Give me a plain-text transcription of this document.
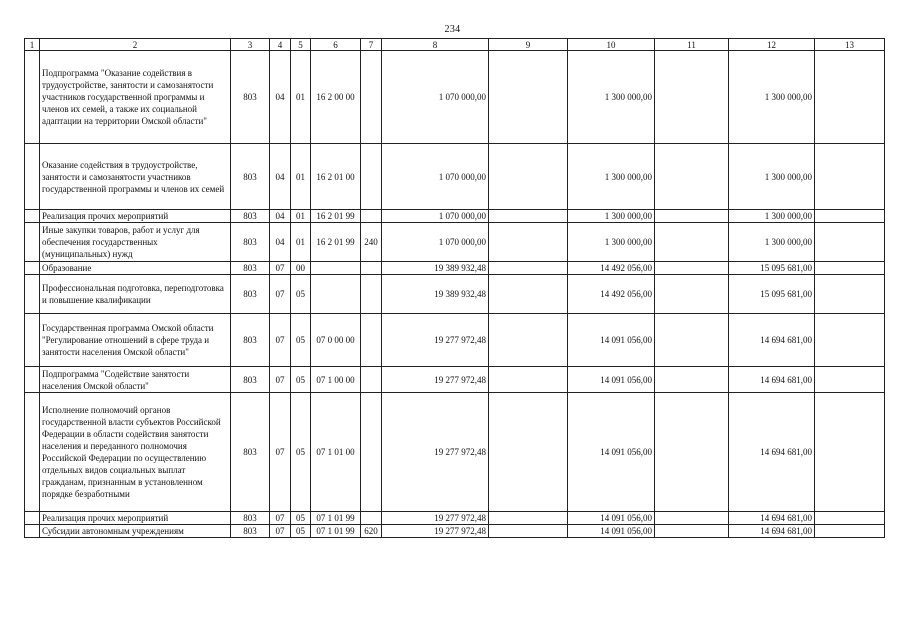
234
1	2	3	4	5	6	7	8	9	10	11	12	13
	Подпрограмма "Оказание содействия в трудоустройстве, занятости и самозанятости участников государственной программы и членов их семей, а также их социальной адаптации на территории Омской области"	803	04	01	16 2 00 00		1 070 000,00		1 300 000,00		1 300 000,00	
	Оказание содействия в трудоустройстве, занятости и самозанятости участников государственной программы и членов их семей	803	04	01	16 2 01 00		1 070 000,00		1 300 000,00		1 300 000,00	
	Реализация прочих мероприятий	803	04	01	16 2 01 99		1 070 000,00		1 300 000,00		1 300 000,00	
	Иные закупки товаров, работ и услуг для обеспечения государственных (муниципальных) нужд	803	04	01	16 2 01 99	240	1 070 000,00		1 300 000,00		1 300 000,00	
	Образование	803	07	00			19 389 932,48		14 492 056,00		15 095 681,00	
	Профессиональная подготовка, переподготовка и повышение квалификации	803	07	05			19 389 932,48		14 492 056,00		15 095 681,00	
	Государственная программа Омской области "Регулирование отношений в сфере труда и занятости населения Омской области"	803	07	05	07 0 00 00		19 277 972,48		14 091 056,00		14 694 681,00	
	Подпрограмма "Содействие занятости населения Омской области"	803	07	05	07 1 00 00		19 277 972,48		14 091 056,00		14 694 681,00	
	Исполнение полномочий органов государственной власти субъектов Российской Федерации в области содействия занятости населения и переданного полномочия Российской Федерации по осуществлению отдельных видов социальных выплат гражданам, признанным в установленном порядке безработными	803	07	05	07 1 01 00		19 277 972,48		14 091 056,00		14 694 681,00	
	Реализация прочих мероприятий	803	07	05	07 1 01 99		19 277 972,48		14 091 056,00		14 694 681,00	
	Субсидии автономным учреждениям	803	07	05	07 1 01 99	620	19 277 972,48		14 091 056,00		14 694 681,00	
